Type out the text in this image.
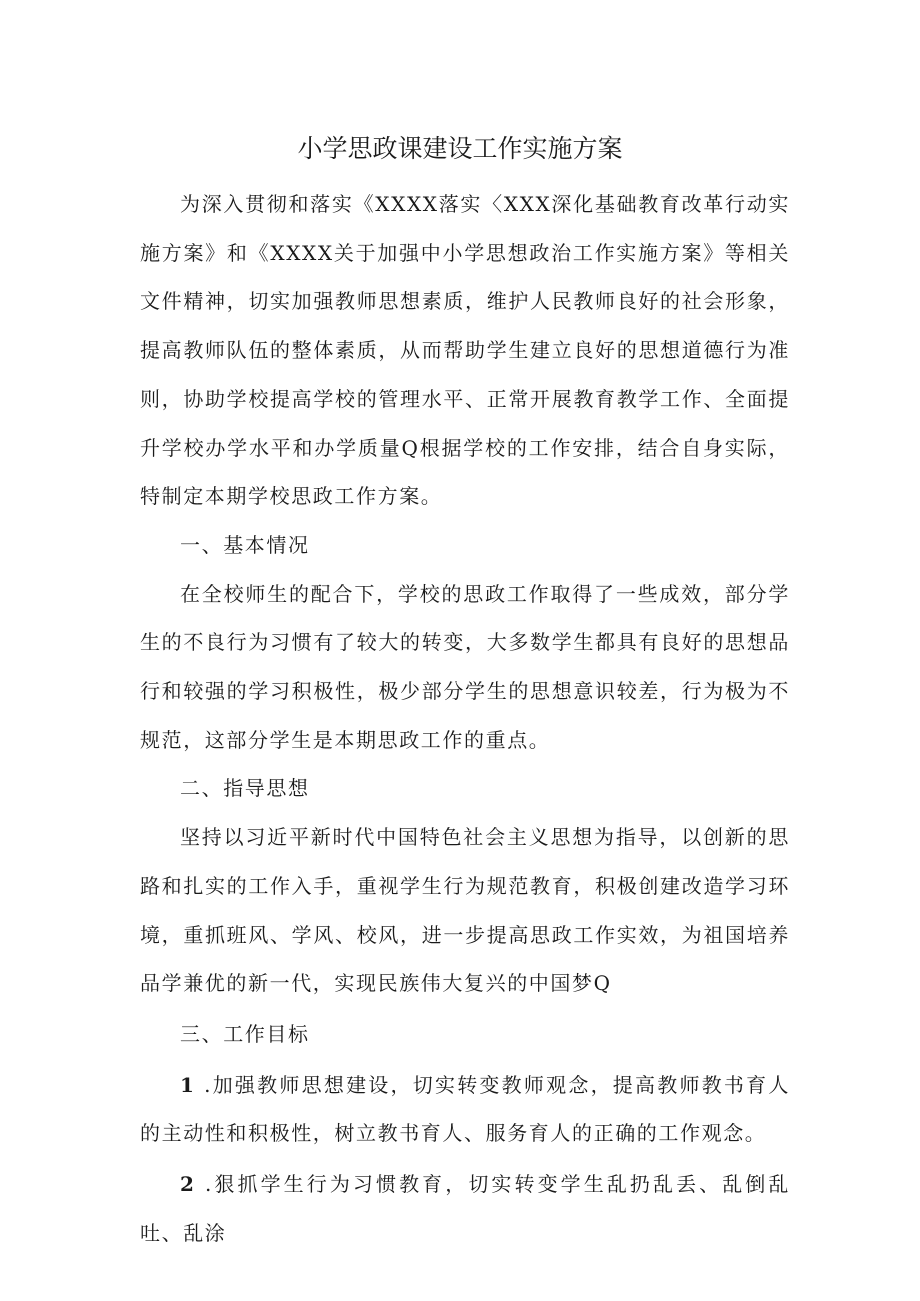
小学思政课建设工作实施方案

为深入贯彻和落实《XXXX落实〈XXX深化基础教育改革行动实施方案》和《XXXX关于加强中小学思想政治工作实施方案》等相关文件精神，切实加强教师思想素质，维护人民教师良好的社会形象，提高教师队伍的整体素质，从而帮助学生建立良好的思想道德行为准则，协助学校提高学校的管理水平、正常开展教育教学工作、全面提升学校办学水平和办学质量Q根据学校的工作安排，结合自身实际，特制定本期学校思政工作方案。

一、基本情况

在全校师生的配合下，学校的思政工作取得了一些成效，部分学生的不良行为习惯有了较大的转变，大多数学生都具有良好的思想品行和较强的学习积极性，极少部分学生的思想意识较差，行为极为不规范，这部分学生是本期思政工作的重点。

二、指导思想

坚持以习近平新时代中国特色社会主义思想为指导，以创新的思路和扎实的工作入手，重视学生行为规范教育，积极创建改造学习环境，重抓班风、学风、校风，进一步提高思政工作实效，为祖国培养品学兼优的新一代，实现民族伟大复兴的中国梦Q

三、工作目标

1 .加强教师思想建设，切实转变教师观念，提高教师教书育人的主动性和积极性，树立教书育人、服务育人的正确的工作观念。

2 .狠抓学生行为习惯教育，切实转变学生乱扔乱丢、乱倒乱吐、乱涂
